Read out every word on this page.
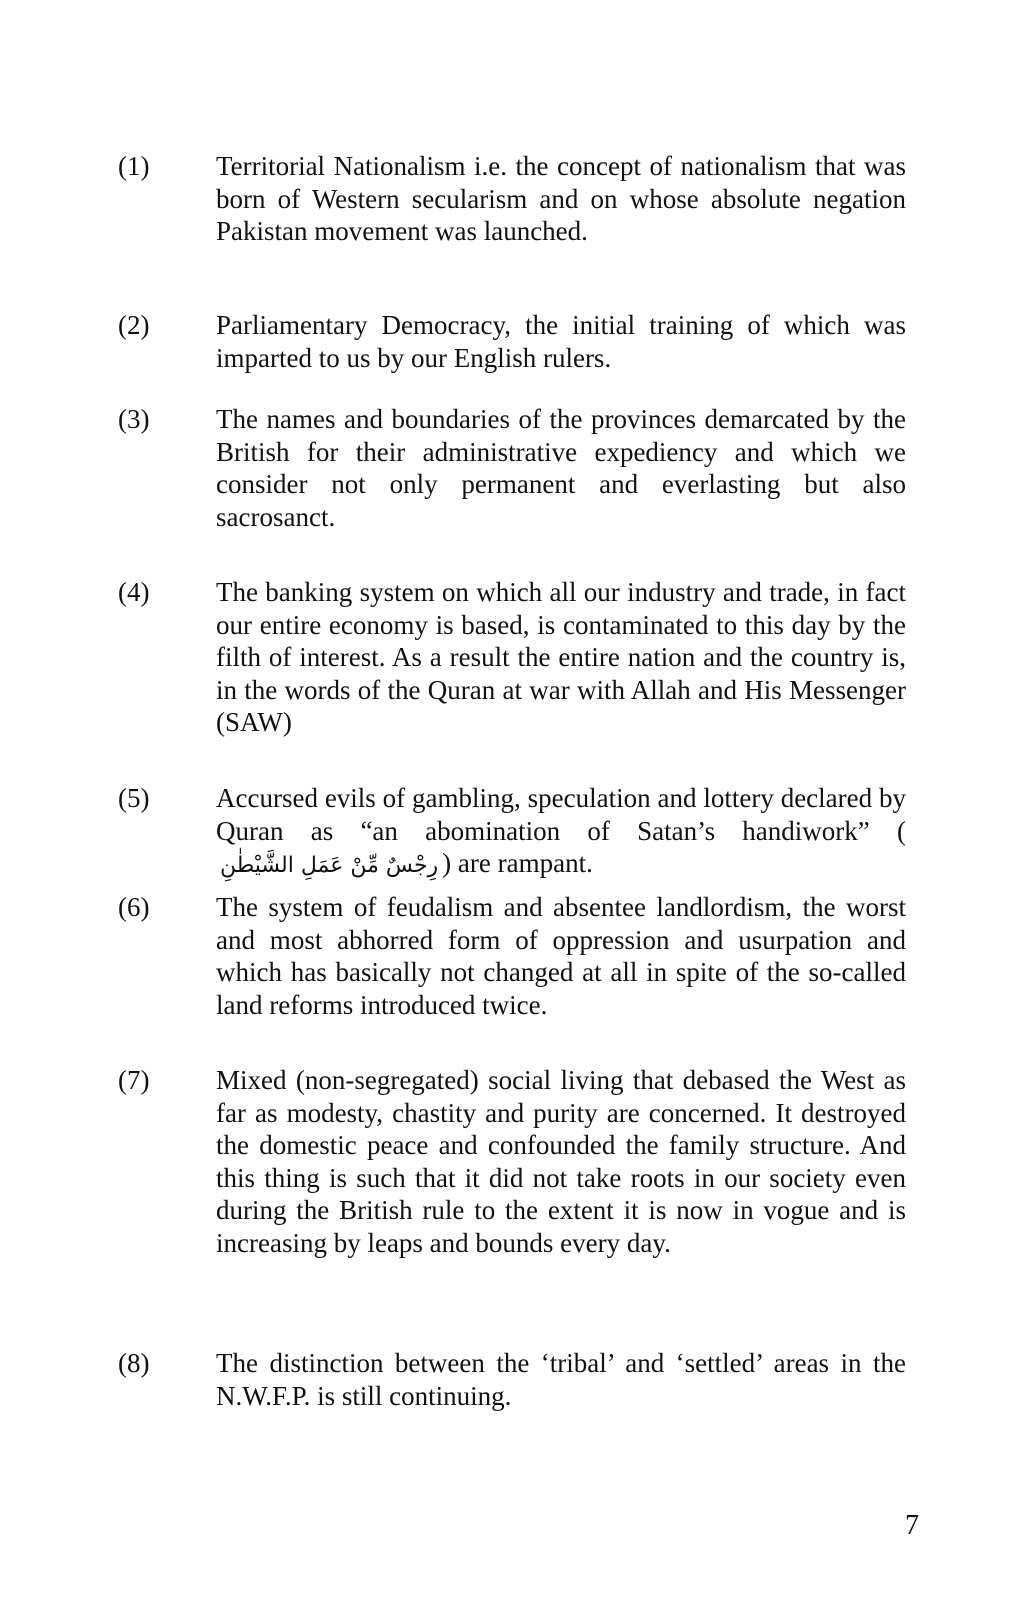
(1)	Territorial Nationalism i.e. the concept of nationalism that was born of Western secularism and on whose absolute negation Pakistan movement was launched.
(2)	Parliamentary Democracy, the initial training of which was imparted to us by our English rulers.
(3)	The names and boundaries of the provinces demarcated by the British for their administrative expediency and which we consider not only permanent and everlasting but also sacrosanct.
(4)	The banking system on which all our industry and trade, in fact our entire economy is based, is contaminated to this day by the filth of interest. As a result the entire nation and the country is, in the words of the Quran at war with Allah and His Messenger (SAW)
(5)	Accursed evils of gambling, speculation and lottery declared by Quran as “an abomination of Satan’s handiwork” (رِجْسٌ مِّنْ عَمَلِ الشَّيْطٰنِ ) are rampant.
(6)	The system of feudalism and absentee landlordism, the worst and most abhorred form of oppression and usurpation and which has basically not changed at all in spite of the so-called land reforms introduced twice.
(7)	Mixed (non-segregated) social living that debased the West as far as modesty, chastity and purity are concerned. It destroyed the domestic peace and confounded the family structure. And this thing is such that it did not take roots in our society even during the British rule to the extent it is now in vogue and is increasing by leaps and bounds every day.
(8)	The distinction between the ‘tribal’ and ‘settled’ areas in the N.W.F.P. is still continuing.
7
